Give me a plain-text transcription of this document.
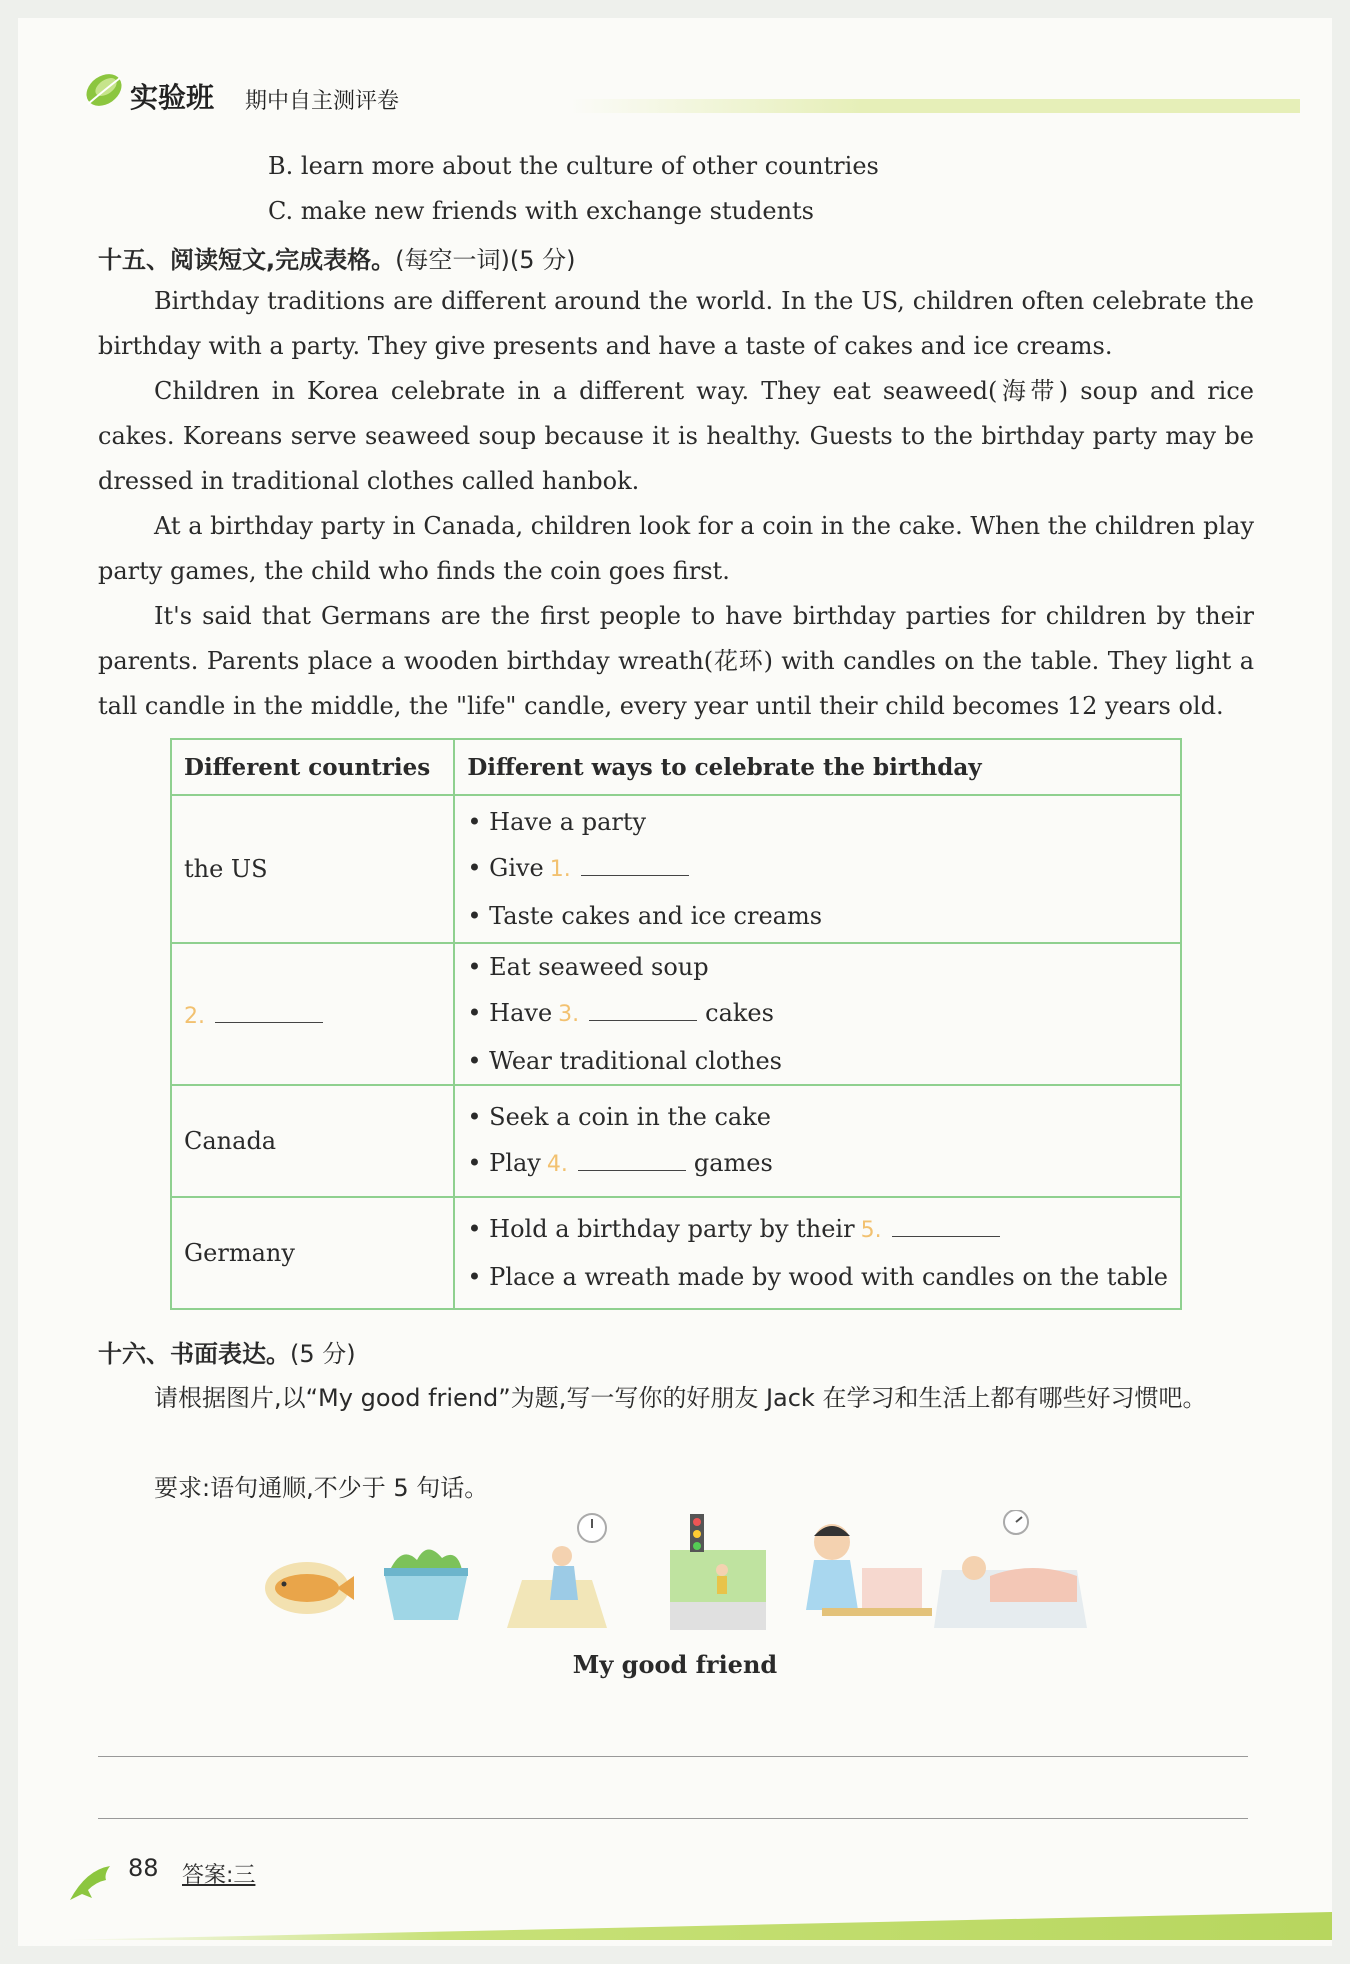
实验班 期中自主测评卷
B. learn more about the culture of other countries
C. make new friends with exchange students
十五、阅读短文,完成表格。(每空一词)(5 分)

Birthday traditions are different around the world. In the US, children often celebrate the birthday with a party. They give presents and have a taste of cakes and ice creams.

Children in Korea celebrate in a different way. They eat seaweed(海带) soup and rice cakes. Koreans serve seaweed soup because it is healthy. Guests to the birthday party may be dressed in traditional clothes called hanbok.

At a birthday party in Canada, children look for a coin in the cake. When the children play party games, the child who finds the coin goes first.

It's said that Germans are the first people to have birthday parties for children by their parents. Parents place a wooden birthday wreath(花环) with candles on the table. They light a tall candle in the middle, the "life" candle, every year until their child becomes 12 years old.

Different countries	Different ways to celebrate the birthday
the US	• Have a party
• Give 1.
• Taste cakes and ice creams

2.	• Eat seaweed soup
• Have 3. cakes
• Wear traditional clothes

Canada	• Seek a coin in the cake
• Play 4. games

Germany	• Hold a birthday party by their 5.
• Place a wreath made by wood with candles on the table
十六、书面表达。(5 分)
请根据图片,以“My good friend”为题,写一写你的好朋友 Jack 在学习和生活上都有哪些好习惯吧。
要求:语句通顺,不少于 5 句话。
My good friend
88 答案:三
